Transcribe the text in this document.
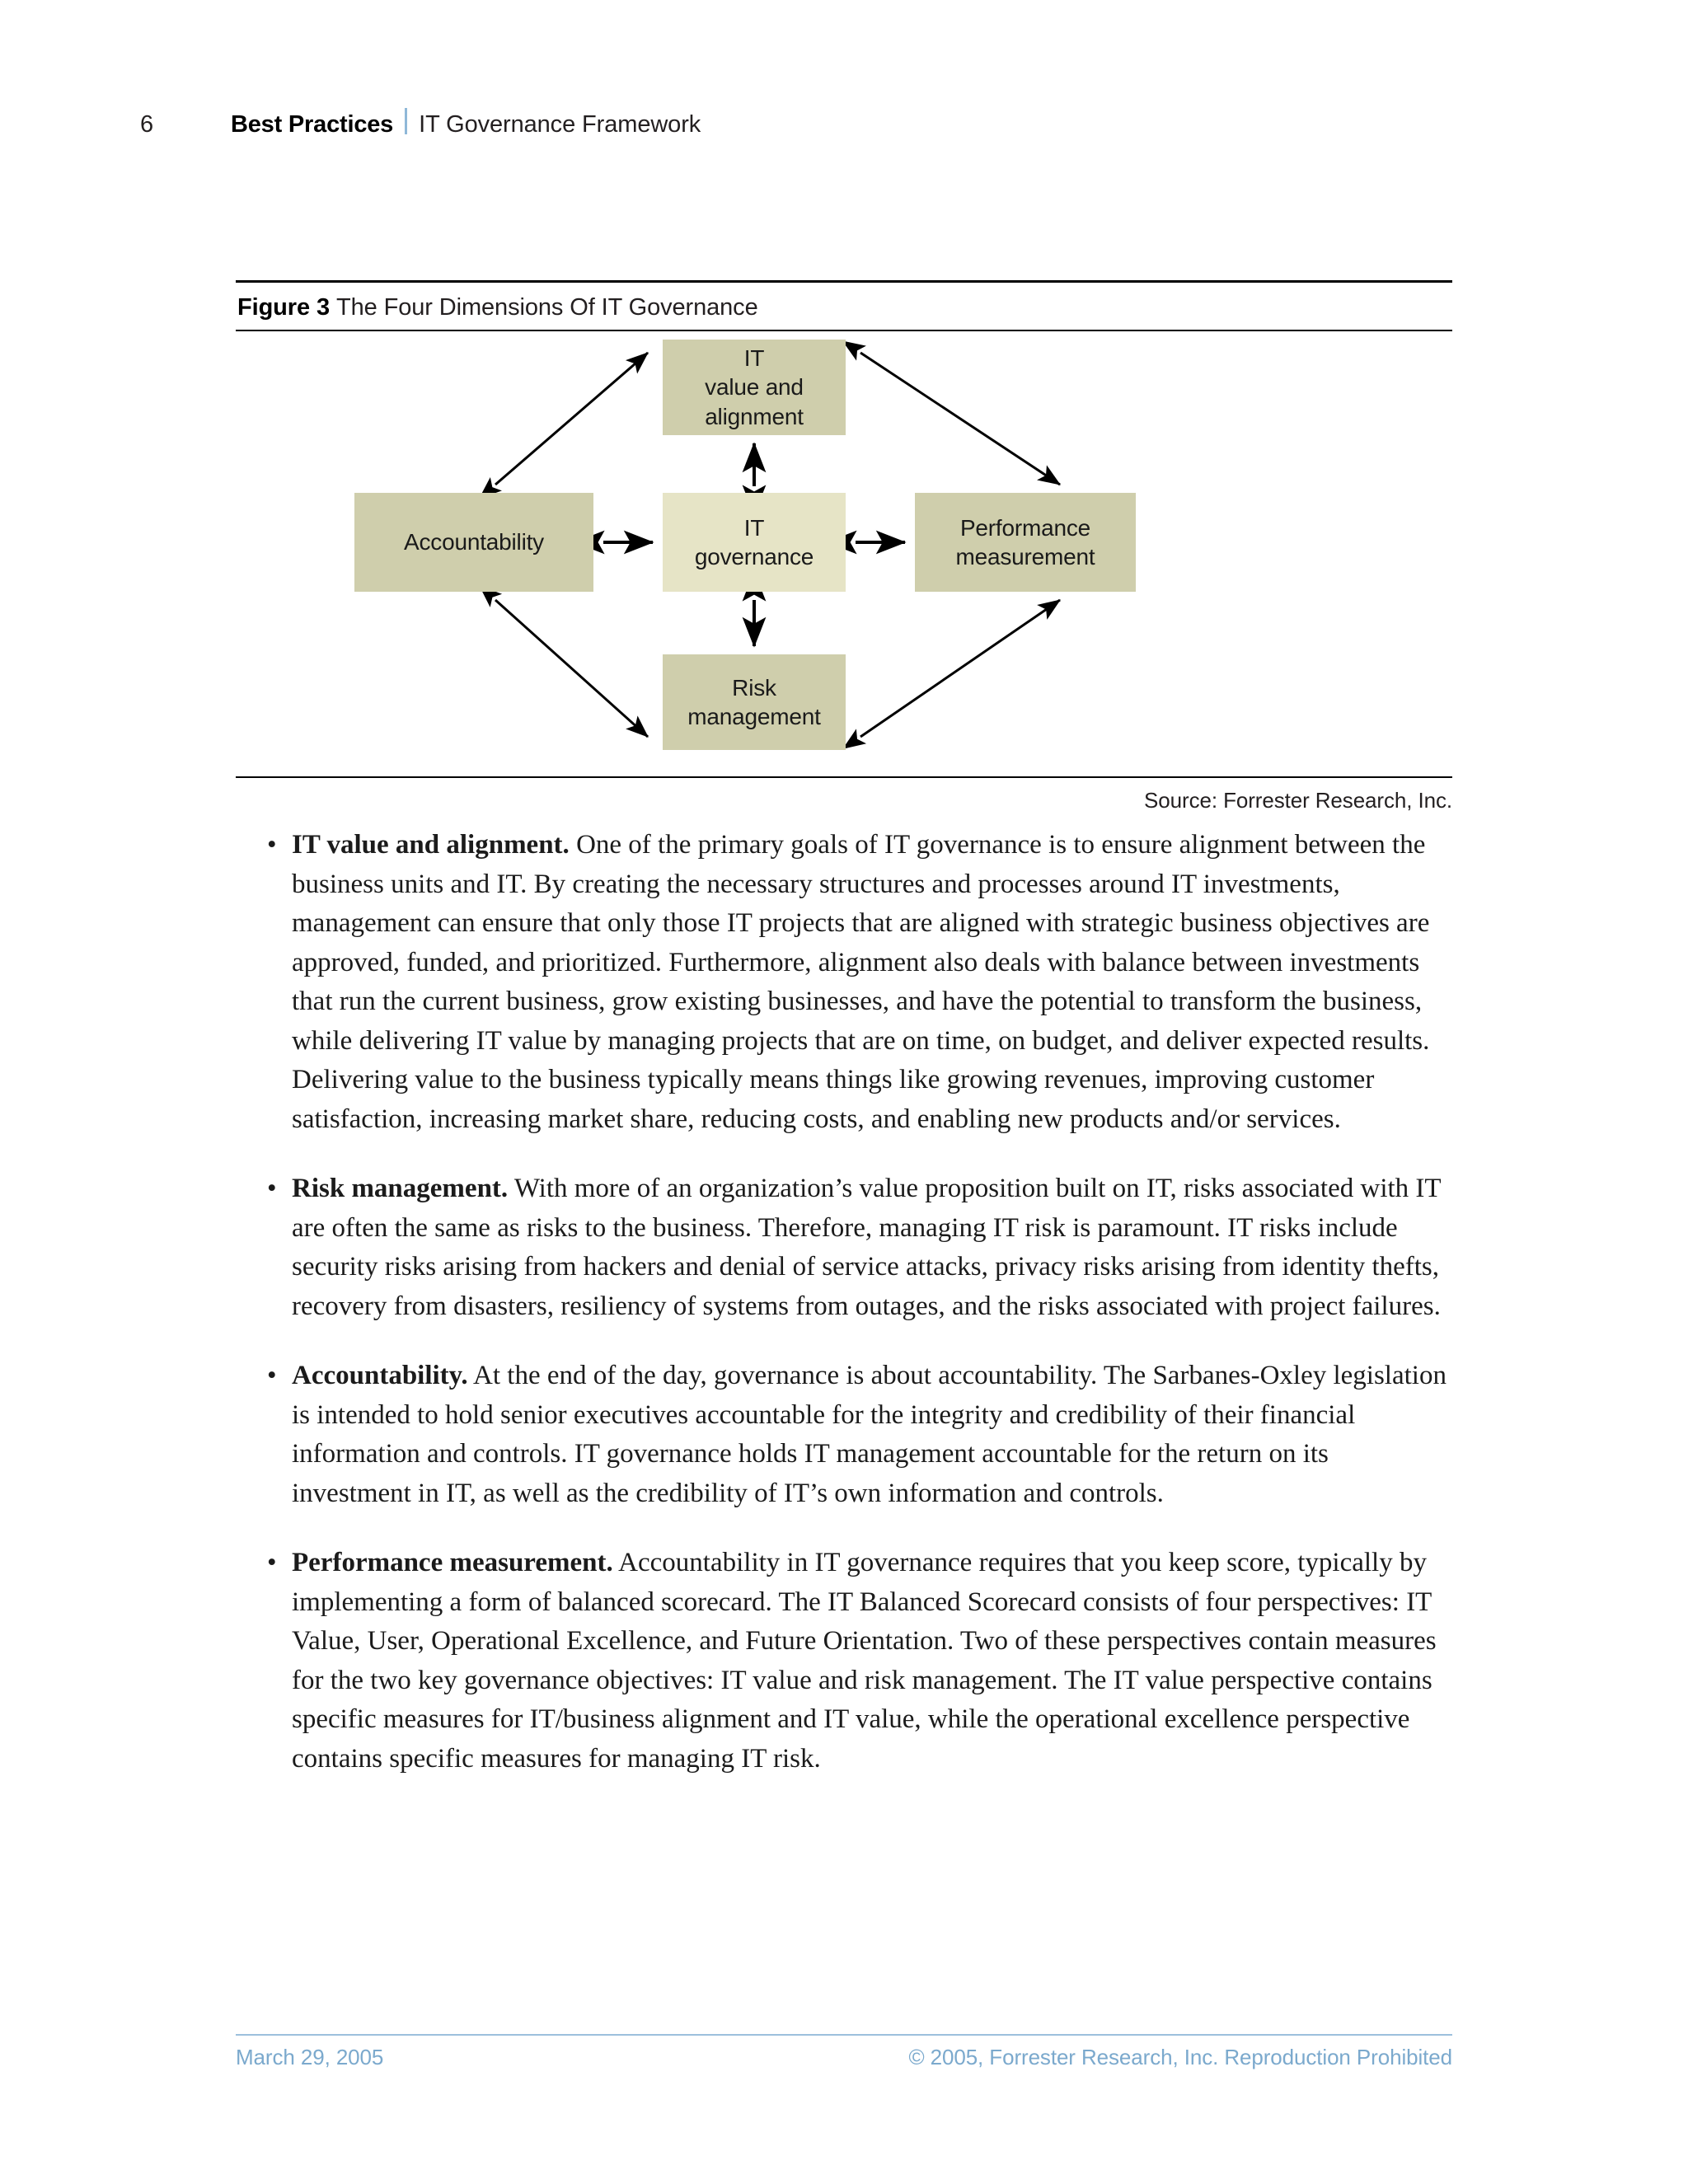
6	Best Practices IT Governance Framework
Figure 3 The Four Dimensions Of IT Governance
IT
value and
alignment
Accountability
IT
governance
Performance
measurement
Risk
management
Source: Forrester Research, Inc.
• IT value and alignment. One of the primary goals of IT governance is to ensure alignment between the business units and IT. By creating the necessary structures and processes around IT investments, management can ensure that only those IT projects that are aligned with strategic business objectives are approved, funded, and prioritized. Furthermore, alignment also deals with balance between investments that run the current business, grow existing businesses, and have the potential to transform the business, while delivering IT value by managing projects that are on time, on budget, and deliver expected results. Delivering value to the business typically means things like growing revenues, improving customer satisfaction, increasing market share, reducing costs, and enabling new products and/or services.
• Risk management. With more of an organization’s value proposition built on IT, risks associated with IT are often the same as risks to the business. Therefore, managing IT risk is paramount. IT risks include security risks arising from hackers and denial of service attacks, privacy risks arising from identity thefts, recovery from disasters, resiliency of systems from outages, and the risks associated with project failures.
• Accountability. At the end of the day, governance is about accountability. The Sarbanes-Oxley legislation is intended to hold senior executives accountable for the integrity and credibility of their financial information and controls. IT governance holds IT management accountable for the return on its investment in IT, as well as the credibility of IT’s own information and controls.
• Performance measurement. Accountability in IT governance requires that you keep score, typically by implementing a form of balanced scorecard. The IT Balanced Scorecard consists of four perspectives: IT Value, User, Operational Excellence, and Future Orientation. Two of these perspectives contain measures for the two key governance objectives: IT value and risk management. The IT value perspective contains specific measures for IT/business alignment and IT value, while the operational excellence perspective contains specific measures for managing IT risk.
March 29, 2005	© 2005, Forrester Research, Inc. Reproduction Prohibited
